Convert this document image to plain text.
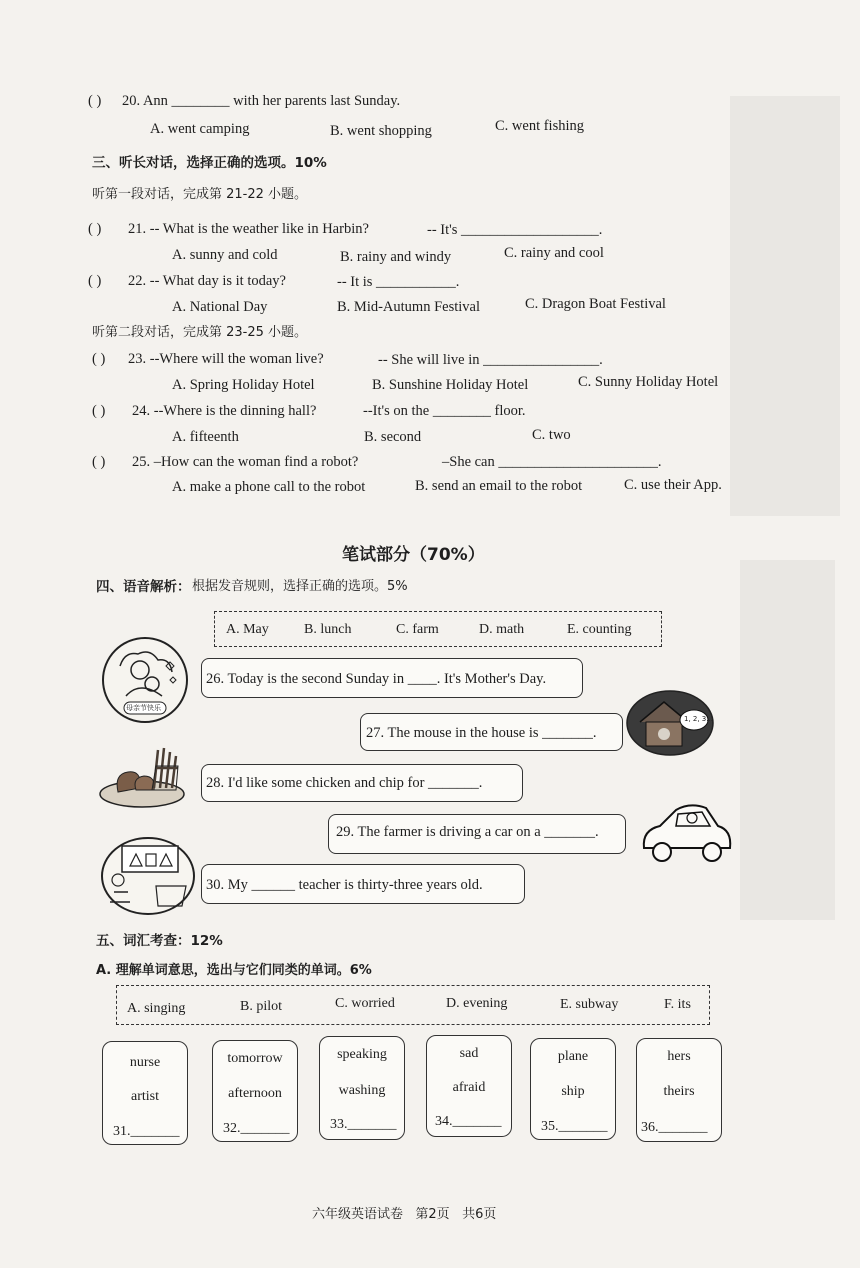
( ) 20. Ann ________ with her parents last Sunday.
A. went camping	B. went shopping	C. went fishing
三、听长对话，选择正确的选项。10%
听第一段对话，完成第 21-22 小题。
( ) 21. -- What is the weather like in Harbin?	-- It's ___________________.
A. sunny and cold	B. rainy and windy	C. rainy and cool
( ) 22. -- What day is it today?	-- It is ___________.
A. National Day	B. Mid-Autumn Festival	C. Dragon Boat Festival
听第二段对话，完成第 23-25 小题。
( ) 23. --Where will the woman live?	-- She will live in ________________.
A. Spring Holiday Hotel	B. Sunshine Holiday Hotel	C. Sunny Holiday Hotel
( ) 24. --Where is the dinning hall?	--It's on the ________ floor.
A. fifteenth	B. second	C. two
( ) 25. –How can the woman find a robot?	–She can ______________________.
A. make a phone call to the robot	B. send an email to the robot	C. use their App.
笔试部分（70%）
四、语音解析： 根据发音规则，选择正确的选项。5%
A. May	B. lunch	C. farm	D. math	E. counting
母亲节快乐
26. Today is the second Sunday in ____. It's Mother's Day.
27. The mouse in the house is _______.
1, 2, 3...
28. I'd like some chicken and chip for _______.
29. The farmer is driving a car on a _______.
30. My ______ teacher is thirty-three years old.
五、词汇考查：12%
A. 理解单词意思，选出与它们同类的单词。6%
A. singing	B. pilot	C. worried	D. evening	E. subway	F. its
nurse
artist
31._______
tomorrow
afternoon
32._______
speaking
washing
33._______
sad
afraid
34._______
plane
ship
35._______
hers
theirs
36._______
六年级英语试卷   第2页   共6页
